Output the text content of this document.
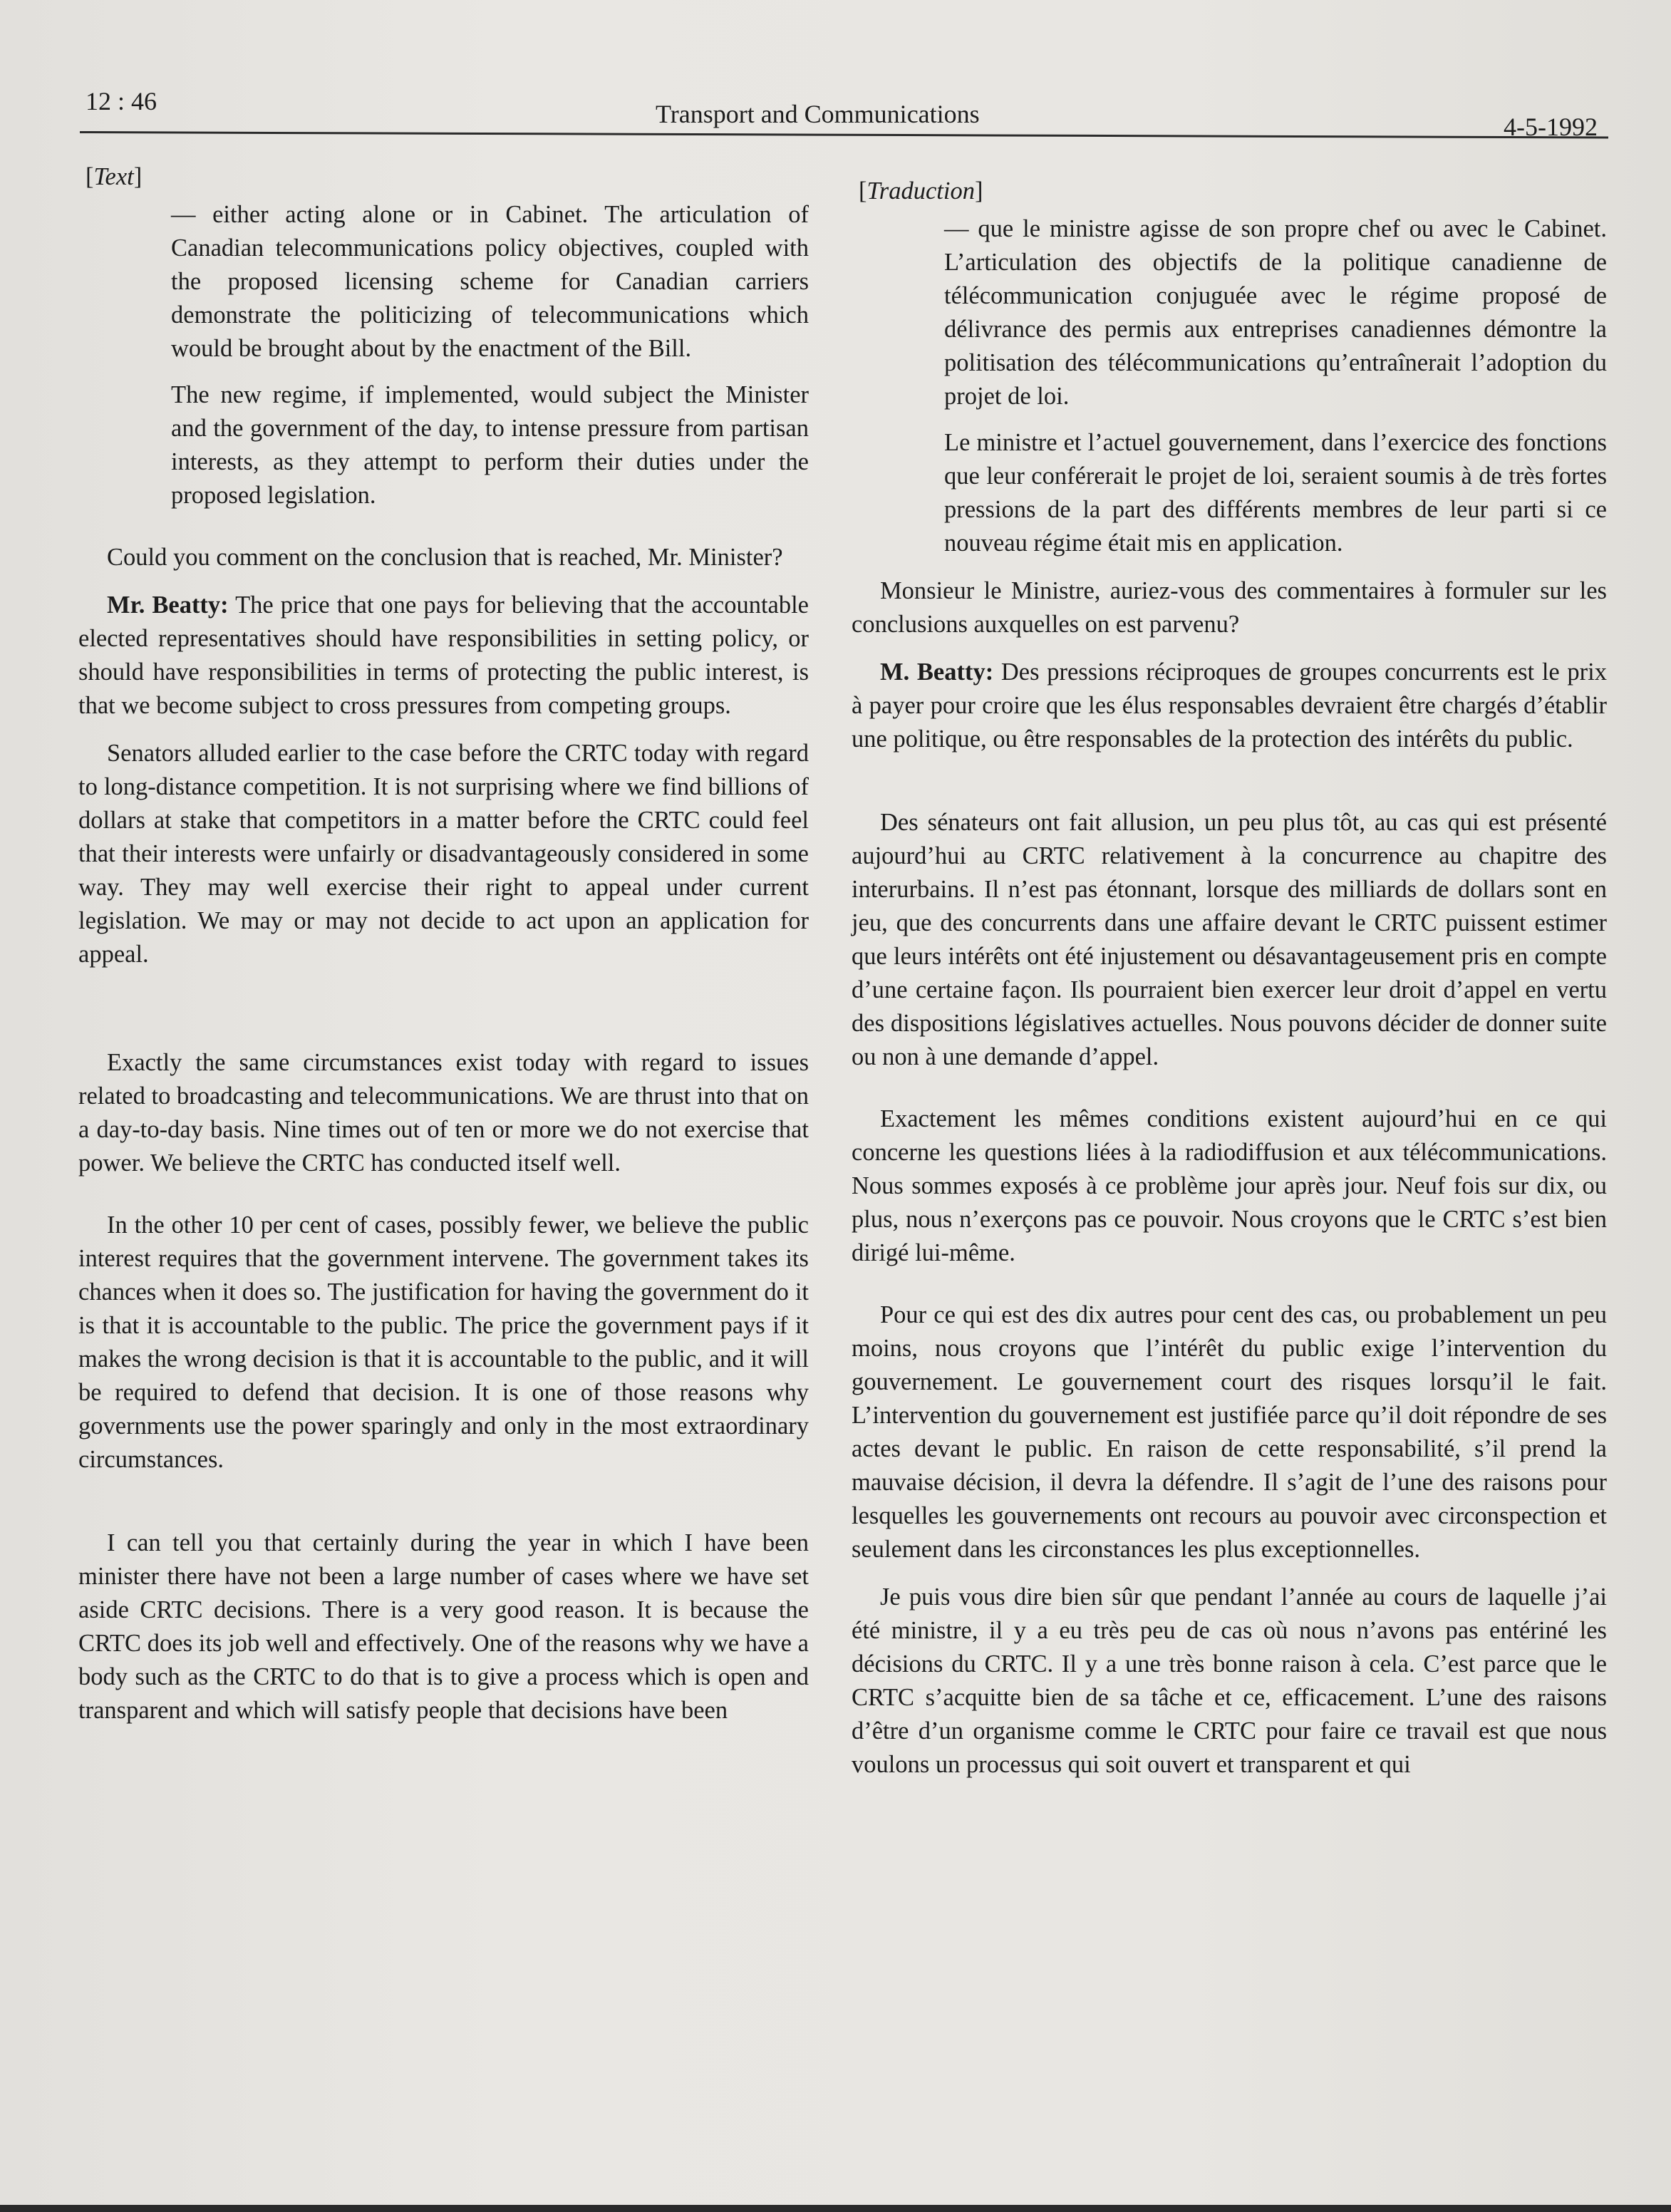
12 : 46	Transport and Communications	4-5-1992

[Text]

— either acting alone or in Cabinet. The articulation of Canadian telecommunications policy objectives, coupled with the proposed licensing scheme for Canadian carriers demonstrate the politicizing of telecommunications which would be brought about by the enactment of the Bill.

The new regime, if implemented, would subject the Minister and the government of the day, to intense pressure from partisan interests, as they attempt to perform their duties under the proposed legislation.

Could you comment on the conclusion that is reached, Mr. Minister?

Mr. Beatty: The price that one pays for believing that the accountable elected representatives should have responsibilities in setting policy, or should have responsibilities in terms of protecting the public interest, is that we become subject to cross pressures from competing groups.

Senators alluded earlier to the case before the CRTC today with regard to long-distance competition. It is not surprising where we find billions of dollars at stake that competitors in a matter before the CRTC could feel that their interests were unfairly or disadvantageously considered in some way. They may well exercise their right to appeal under current legislation. We may or may not decide to act upon an application for appeal.

Exactly the same circumstances exist today with regard to issues related to broadcasting and telecommunications. We are thrust into that on a day-to-day basis. Nine times out of ten or more we do not exercise that power. We believe the CRTC has conducted itself well.

In the other 10 per cent of cases, possibly fewer, we believe the public interest requires that the government intervene. The government takes its chances when it does so. The justification for having the government do it is that it is accountable to the public. The price the government pays if it makes the wrong decision is that it is accountable to the public, and it will be required to defend that decision. It is one of those reasons why governments use the power sparingly and only in the most extraordinary circumstances.

I can tell you that certainly during the year in which I have been minister there have not been a large number of cases where we have set aside CRTC decisions. There is a very good reason. It is because the CRTC does its job well and effectively. One of the reasons why we have a body such as the CRTC to do that is to give a process which is open and transparent and which will satisfy people that decisions have been

[Traduction]

— que le ministre agisse de son propre chef ou avec le Cabinet. L’articulation des objectifs de la politique canadienne de télécommunication conjuguée avec le régime proposé de délivrance des permis aux entreprises canadiennes démontre la politisation des télécommunications qu’entraînerait l’adoption du projet de loi.

Le ministre et l’actuel gouvernement, dans l’exercice des fonctions que leur conférerait le projet de loi, seraient soumis à de très fortes pressions de la part des différents membres de leur parti si ce nouveau régime était mis en application.

Monsieur le Ministre, auriez-vous des commentaires à formuler sur les conclusions auxquelles on est parvenu?

M. Beatty: Des pressions réciproques de groupes concurrents est le prix à payer pour croire que les élus responsables devraient être chargés d’établir une politique, ou être responsables de la protection des intérêts du public.

Des sénateurs ont fait allusion, un peu plus tôt, au cas qui est présenté aujourd’hui au CRTC relativement à la concurrence au chapitre des interurbains. Il n’est pas étonnant, lorsque des milliards de dollars sont en jeu, que des concurrents dans une affaire devant le CRTC puissent estimer que leurs intérêts ont été injustement ou désavantageusement pris en compte d’une certaine façon. Ils pourraient bien exercer leur droit d’appel en vertu des dispositions législatives actuelles. Nous pouvons décider de donner suite ou non à une demande d’appel.

Exactement les mêmes conditions existent aujourd’hui en ce qui concerne les questions liées à la radiodiffusion et aux télécommunications. Nous sommes exposés à ce problème jour après jour. Neuf fois sur dix, ou plus, nous n’exerçons pas ce pouvoir. Nous croyons que le CRTC s’est bien dirigé lui-même.

Pour ce qui est des dix autres pour cent des cas, ou probablement un peu moins, nous croyons que l’intérêt du public exige l’intervention du gouvernement. Le gouvernement court des risques lorsqu’il le fait. L’intervention du gouvernement est justifiée parce qu’il doit répondre de ses actes devant le public. En raison de cette responsabilité, s’il prend la mauvaise décision, il devra la défendre. Il s’agit de l’une des raisons pour lesquelles les gouvernements ont recours au pouvoir avec circonspection et seulement dans les circonstances les plus exceptionnelles.

Je puis vous dire bien sûr que pendant l’année au cours de laquelle j’ai été ministre, il y a eu très peu de cas où nous n’avons pas entériné les décisions du CRTC. Il y a une très bonne raison à cela. C’est parce que le CRTC s’acquitte bien de sa tâche et ce, efficacement. L’une des raisons d’être d’un organisme comme le CRTC pour faire ce travail est que nous voulons un processus qui soit ouvert et transparent et qui
